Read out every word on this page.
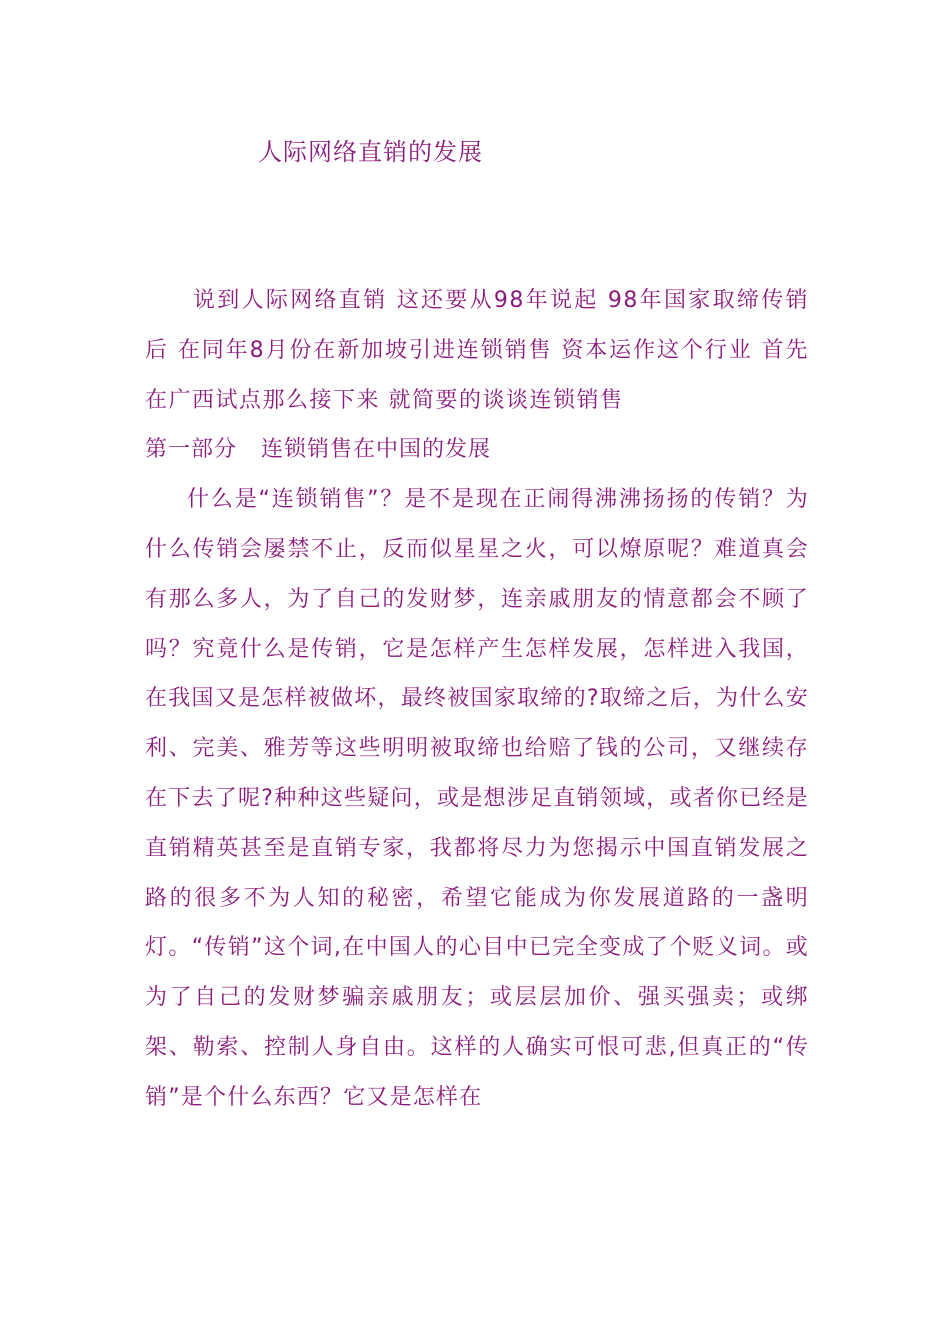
人际网络直销的发展

说到人际网络直销 这还要从98年说起 98年国家取缔传销后 在同年8月份在新加坡引进连锁销售 资本运作这个行业 首先在广西试点那么接下来 就简要的谈谈连锁销售

第一部分   连锁销售在中国的发展

什么是“连锁销售”？是不是现在正闹得沸沸扬扬的传销？为什么传销会屡禁不止，反而似星星之火，可以燎原呢？难道真会有那么多人，为了自己的发财梦，连亲戚朋友的情意都会不顾了吗？究竟什么是传销，它是怎样产生怎样发展，怎样进入我国，在我国又是怎样被做坏，最终被国家取缔的?取缔之后，为什么安利、完美、雅芳等这些明明被取缔也给赔了钱的公司，又继续存在下去了呢?种种这些疑问，或是想涉足直销领域，或者你已经是直销精英甚至是直销专家，我都将尽力为您揭示中国直销发展之路的很多不为人知的秘密，希望它能成为你发展道路的一盏明灯。“传销”这个词,在中国人的心目中已完全变成了个贬义词。或为了自己的发财梦骗亲戚朋友；或层层加价、强买强卖；或绑架、勒索、控制人身自由。这样的人确实可恨可悲,但真正的“传销”是个什么东西？它又是怎样在
